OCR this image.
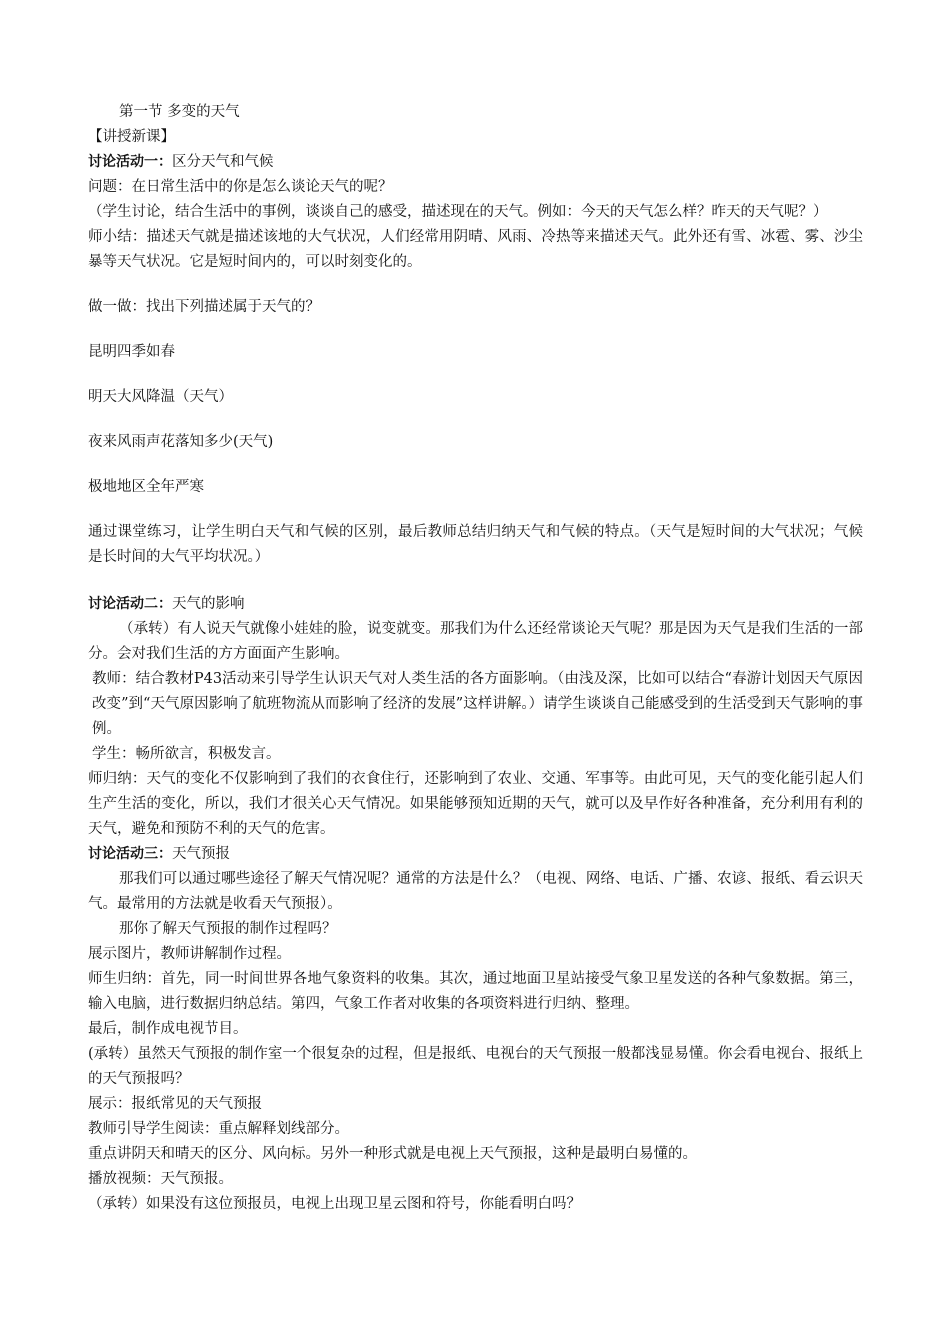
第一节 多变的天气

【讲授新课】

讨论活动一：区分天气和气候

问题：在日常生活中的你是怎么谈论天气的呢？

（学生讨论，结合生活中的事例，谈谈自己的感受，描述现在的天气。例如：今天的天气怎么样？昨天的天气呢？）

师小结：描述天气就是描述该地的大气状况，人们经常用阴晴、风雨、冷热等来描述天气。此外还有雪、冰雹、雾、沙尘暴等天气状况。它是短时间内的，可以时刻变化的。

做一做：找出下列描述属于天气的？

昆明四季如春

明天大风降温（天气）

夜来风雨声花落知多少(天气)

极地地区全年严寒

通过课堂练习，让学生明白天气和气候的区别，最后教师总结归纳天气和气候的特点。（天气是短时间的大气状况；气候是长时间的大气平均状况。）

讨论活动二：天气的影响

（承转）有人说天气就像小娃娃的脸，说变就变。那我们为什么还经常谈论天气呢？那是因为天气是我们生活的一部分。会对我们生活的方方面面产生影响。

教师：结合教材P43活动来引导学生认识天气对人类生活的各方面影响。（由浅及深，比如可以结合“春游计划因天气原因改变”到“天气原因影响了航班物流从而影响了经济的发展”这样讲解。）请学生谈谈自己能感受到的生活受到天气影响的事例。

学生：畅所欲言，积极发言。

师归纳：天气的变化不仅影响到了我们的衣食住行，还影响到了农业、交通、军事等。由此可见，天气的变化能引起人们生产生活的变化，所以，我们才很关心天气情况。如果能够预知近期的天气，就可以及早作好各种准备，充分利用有利的天气，避免和预防不利的天气的危害。

讨论活动三：天气预报

那我们可以通过哪些途径了解天气情况呢？通常的方法是什么？（电视、网络、电话、广播、农谚、报纸、看云识天气。最常用的方法就是收看天气预报）。

那你了解天气预报的制作过程吗？

展示图片，教师讲解制作过程。

师生归纳：首先，同一时间世界各地气象资料的收集。其次，通过地面卫星站接受气象卫星发送的各种气象数据。第三，输入电脑，进行数据归纳总结。第四，气象工作者对收集的各项资料进行归纳、整理。

最后，制作成电视节目。

(承转）虽然天气预报的制作室一个很复杂的过程，但是报纸、电视台的天气预报一般都浅显易懂。你会看电视台、报纸上的天气预报吗？

展示：报纸常见的天气预报

教师引导学生阅读：重点解释划线部分。

重点讲阴天和晴天的区分、风向标。另外一种形式就是电视上天气预报，这种是最明白易懂的。

播放视频：天气预报。

（承转）如果没有这位预报员，电视上出现卫星云图和符号，你能看明白吗？
